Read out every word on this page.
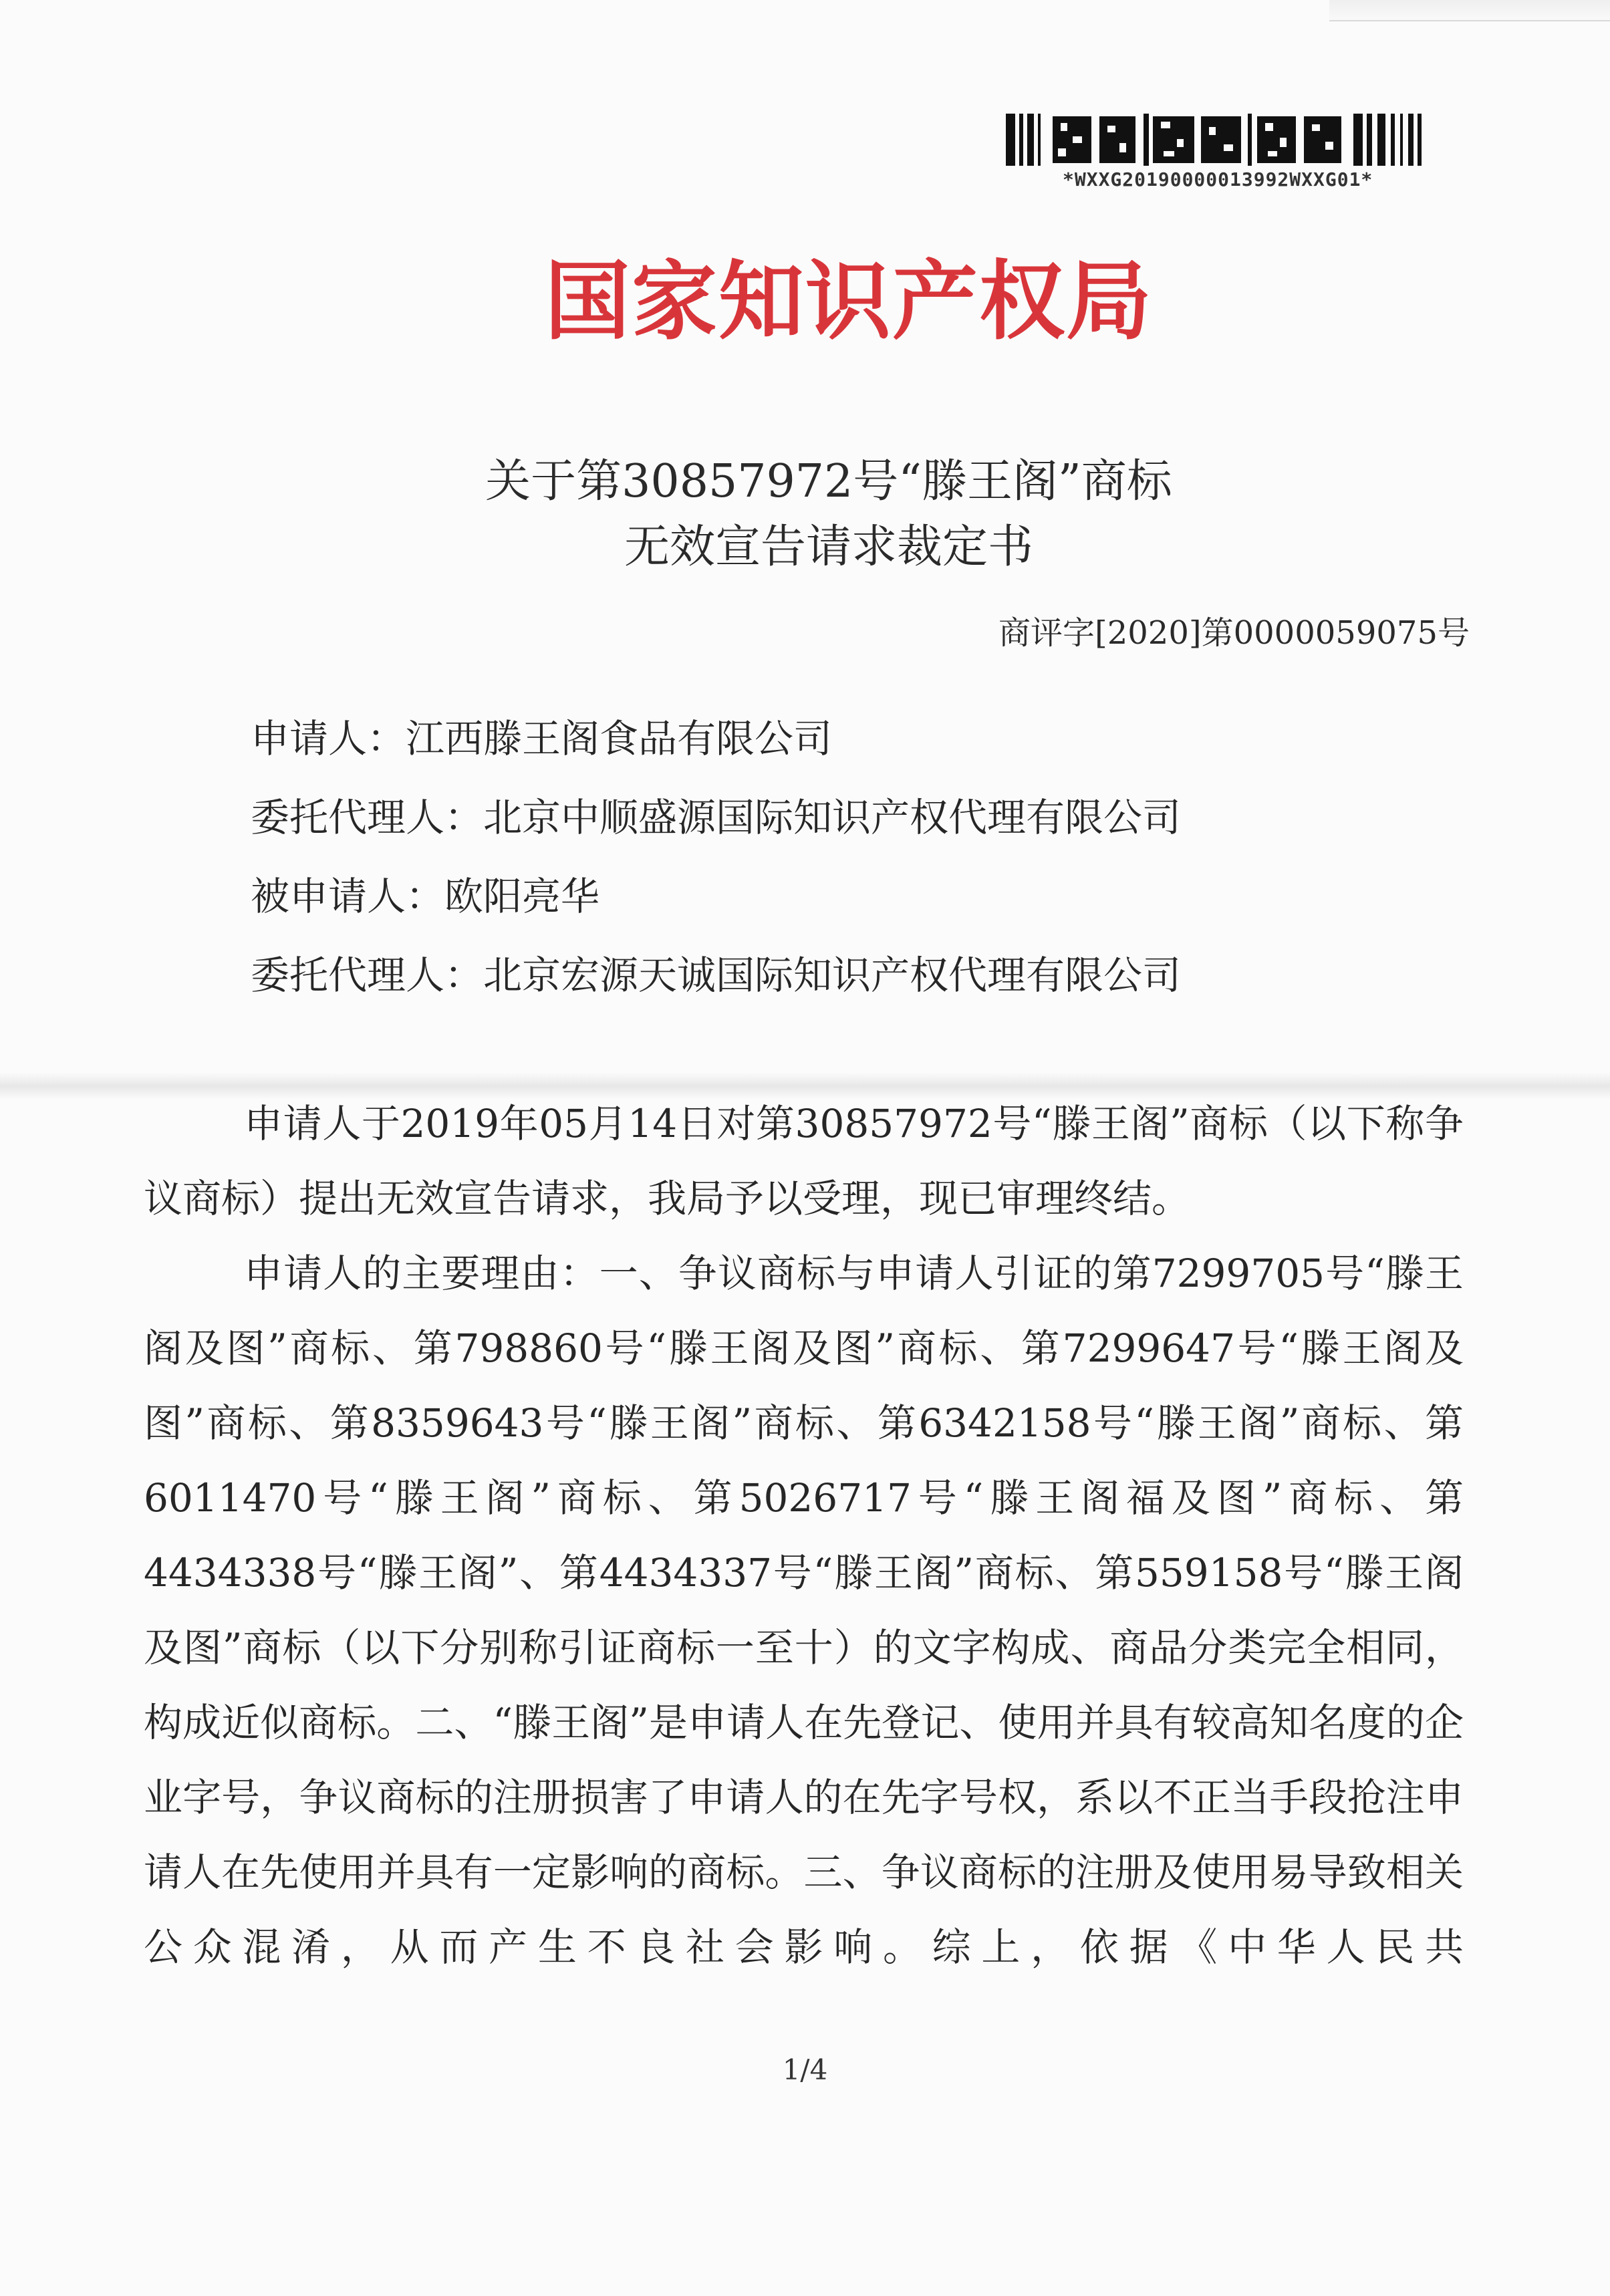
*WXXG20190000013992WXXG01*
国家知识产权局
关于第30857972号“滕王阁”商标
无效宣告请求裁定书
商评字[2020]第0000059075号
申请人：江西滕王阁食品有限公司
委托代理人：北京中顺盛源国际知识产权代理有限公司
被申请人：欧阳亮华
委托代理人：北京宏源天诚国际知识产权代理有限公司

申请人于2019年05月14日对第30857972号“滕王阁”商标（以下称争议商标）提出无效宣告请求，我局予以受理，现已审理终结。

申请人的主要理由：一、争议商标与申请人引证的第7299705号“滕王阁及图”商标、第798860号“滕王阁及图”商标、第7299647号“滕王阁及图”商标、第8359643号“滕王阁”商标、第6342158号“滕王阁”商标、第6011470号“滕王阁”商标、第5026717号“滕王阁福及图”商标、第4434338号“滕王阁”、第4434337号“滕王阁”商标、第559158号“滕王阁及图”商标（以下分别称引证商标一至十）的文字构成、商品分类完全相同，构成近似商标。二、“滕王阁”是申请人在先登记、使用并具有较高知名度的企业字号，争议商标的注册损害了申请人的在先字号权，系以不正当手段抢注申请人在先使用并具有一定影响的商标。三、争议商标的注册及使用易导致相关公众混淆，从而产生不良社会影响。综上，依据《中华人民共

1/4
